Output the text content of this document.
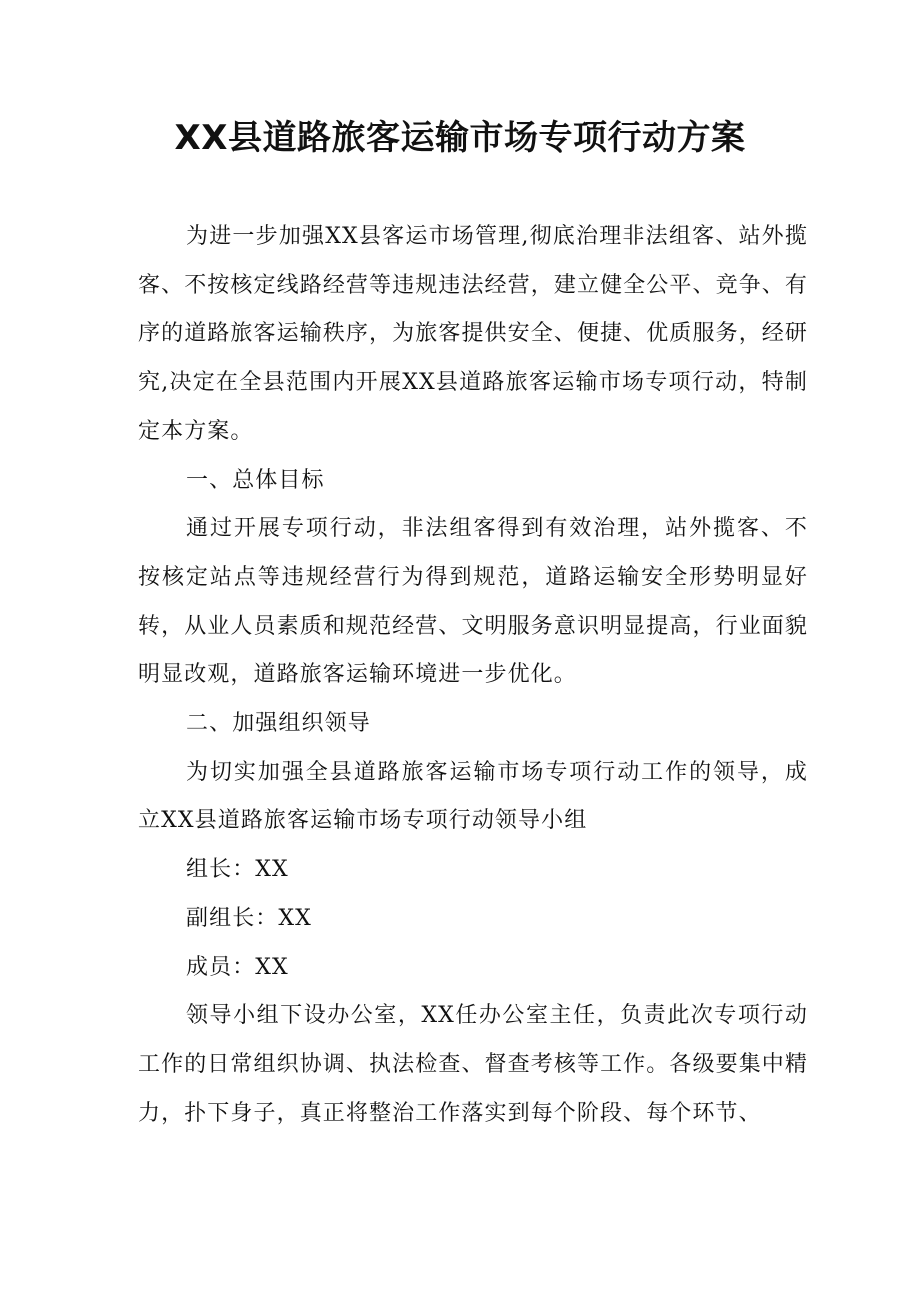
XX县道路旅客运输市场专项行动方案

为进一步加强XX县客运市场管理,彻底治理非法组客、站外揽客、不按核定线路经营等违规违法经营，建立健全公平、竞争、有序的道路旅客运输秩序，为旅客提供安全、便捷、优质服务，经研究,决定在全县范围内开展XX县道路旅客运输市场专项行动，特制定本方案。

一、总体目标

通过开展专项行动，非法组客得到有效治理，站外揽客、不按核定站点等违规经营行为得到规范，道路运输安全形势明显好转，从业人员素质和规范经营、文明服务意识明显提高，行业面貌明显改观，道路旅客运输环境进一步优化。

二、加强组织领导

为切实加强全县道路旅客运输市场专项行动工作的领导，成立XX县道路旅客运输市场专项行动领导小组

组长：XX

副组长：XX

成员：XX

领导小组下设办公室，XX任办公室主任，负责此次专项行动工作的日常组织协调、执法检查、督查考核等工作。各级要集中精力，扑下身子，真正将整治工作落实到每个阶段、每个环节、
